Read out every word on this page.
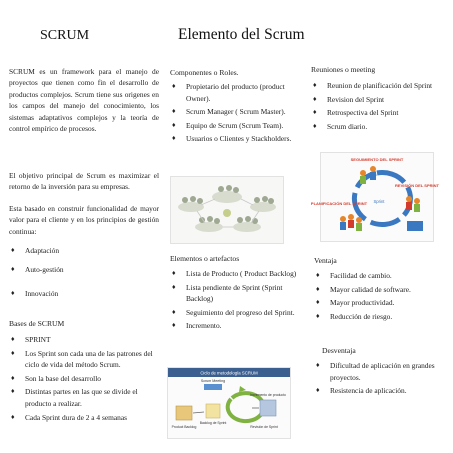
SCRUM

SCRUM es un framework para el manejo de proyectos que tienen como fin el desarrollo de productos complejos. Scrum tiene sus origenes en los campos del manejo del conocimiento, los sistemas adaptativos complejos y la teoría de control empírico de procesos.

El objetivo principal de Scrum es maximizar el retorno de la inversión para su empresas.

Esta basado en construir funcionalidad de mayor valor para el cliente y en los principios de gestión continua:

♦ Adaptación
♦ Auto-gestión
♦ Innovación
Bases de SCRUM
♦ SPRINT
♦ Los Sprint son cada una de las patrones del ciclo de vida del método Scrum.
♦ Son la base del desarrollo
♦ Distintas partes en las que se divide el producto a realizar.
♦ Cada Sprint dura de 2 a 4 semanas
Elemento del Scrum
Componentes o Roles.
♦ Propietario del producto (product Owner).
♦ Scrum Manager ( Scrum Master).
♦ Equipo de Scrum (Scrum Team).
♦ Usuarios o Clientes y Stackholders.
Elementos o artefactos
♦ Lista de Producto ( Product Backlog)
♦ Lista pendiente de Sprint (Sprint Backlog)
♦ Seguimiento del progreso del Sprint.
♦ Incremento.
Ciclo de metodología SCRUM
Scrum Meeting
Backlog de Sprint
Product Backlog
Incremento de producto
Revisión de Sprint
Reuniones o meeting
♦ Reunion de planificación del Sprint
♦ Revision del Sprint
♦ Retrospectiva del Sprint
♦ Scrum diario.
SEGUIMIENTO DEL SPRINT
REVISIÓN DEL SPRINT
PLANIFICACIÓN DEL SPRINT Sprint
Ventaja
♦ Facilidad de cambio.
♦ Mayor calidad de software.
♦ Mayor productividad.
♦ Reducción de riesgo.
Desventaja
♦ Dificultad de aplicación en grandes proyectos.
♦ Resistencia de aplicación.
